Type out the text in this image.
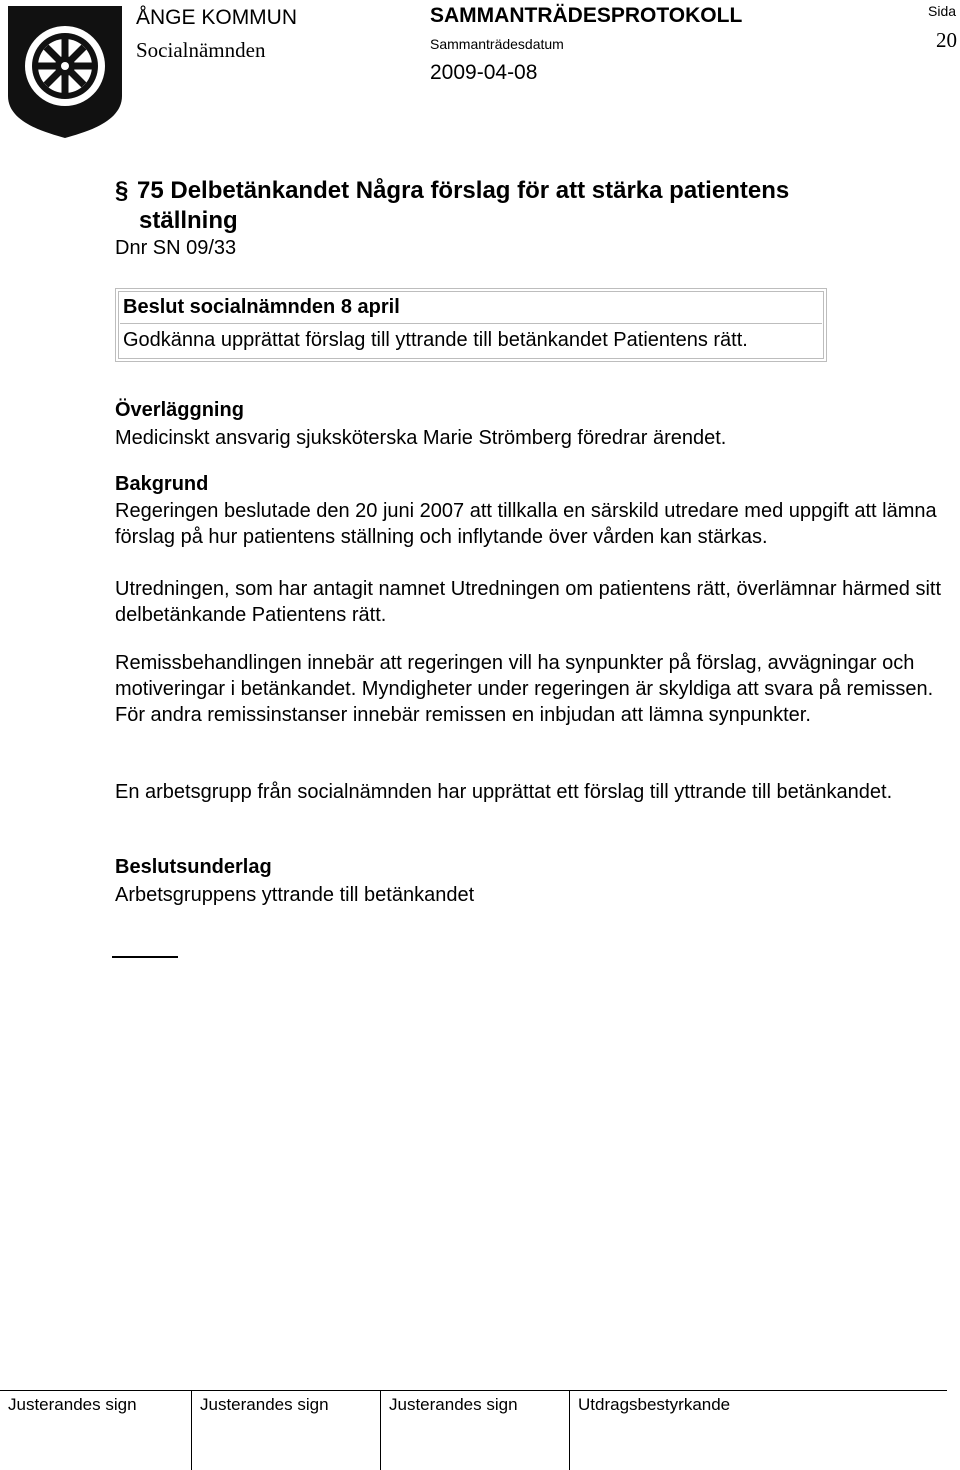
ÅNGE KOMMUN
Socialnämnden
SAMMANTRÄDESPROTOKOLL
Sammanträdesdatum
2009-04-08
Sida
20
§ 75 Delbetänkandet Några förslag för att stärka patientens
ställning
Dnr SN 09/33
Beslut socialnämnden 8 april
Godkänna upprättat förslag till yttrande till betänkandet Patientens rätt.
Överläggning
Medicinskt ansvarig sjuksköterska Marie Strömberg föredrar ärendet.
Bakgrund
Regeringen beslutade den 20 juni 2007 att tillkalla en särskild utredare med uppgift att lämna förslag på hur patientens ställning och inflytande över vården kan stärkas.
Utredningen, som har antagit namnet Utredningen om patientens rätt, överlämnar härmed sitt delbetänkande Patientens rätt.
Remissbehandlingen innebär att regeringen vill ha synpunkter på förslag, avvägningar och motiveringar i betänkandet. Myndigheter under regeringen är skyldiga att svara på remissen. För andra remissinstanser innebär remissen en inbjudan att lämna synpunkter.
En arbetsgrupp från socialnämnden har upprättat ett förslag till yttrande till betänkandet.
Beslutsunderlag
Arbetsgruppens yttrande till betänkandet
Justerandes sign	Justerandes sign	Justerandes sign	Utdragsbestyrkande
